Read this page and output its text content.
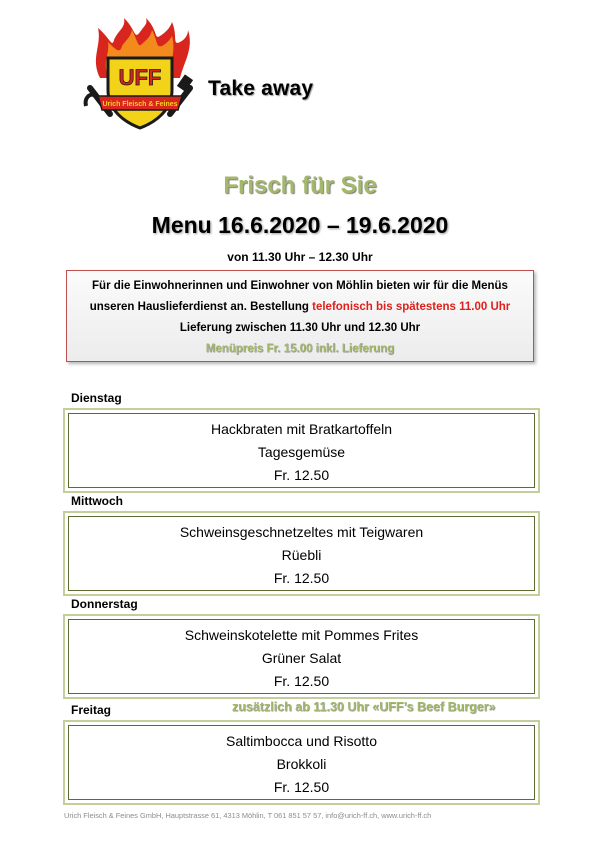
UFF
Urich Fleisch & Feines
Take away
Frisch für Sie
Menu 16.6.2020 – 19.6.2020
von 11.30 Uhr – 12.30 Uhr
Für die Einwohnerinnen und Einwohner von Möhlin bieten wir für die Menüs
unseren Hauslieferdienst an. Bestellung telefonisch bis spätestens 11.00 Uhr
Lieferung zwischen 11.30 Uhr und 12.30 Uhr
Menüpreis Fr. 15.00 inkl. Lieferung
Dienstag
Hackbraten mit Bratkartoffeln
Tagesgemüse
Fr. 12.50
Mittwoch
Schweinsgeschnetzeltes mit Teigwaren
Rüebli
Fr. 12.50
Donnerstag
Schweinskotelette mit Pommes Frites
Grüner Salat
Fr. 12.50
Freitag	zusätzlich ab 11.30 Uhr «UFF’s Beef Burger»
Saltimbocca und Risotto
Brokkoli
Fr. 12.50
Urich Fleisch & Feines GmbH, Hauptstrasse 61, 4313 Möhlin, T 061 851 57 57, info@urich-ff.ch, www.urich-ff.ch
